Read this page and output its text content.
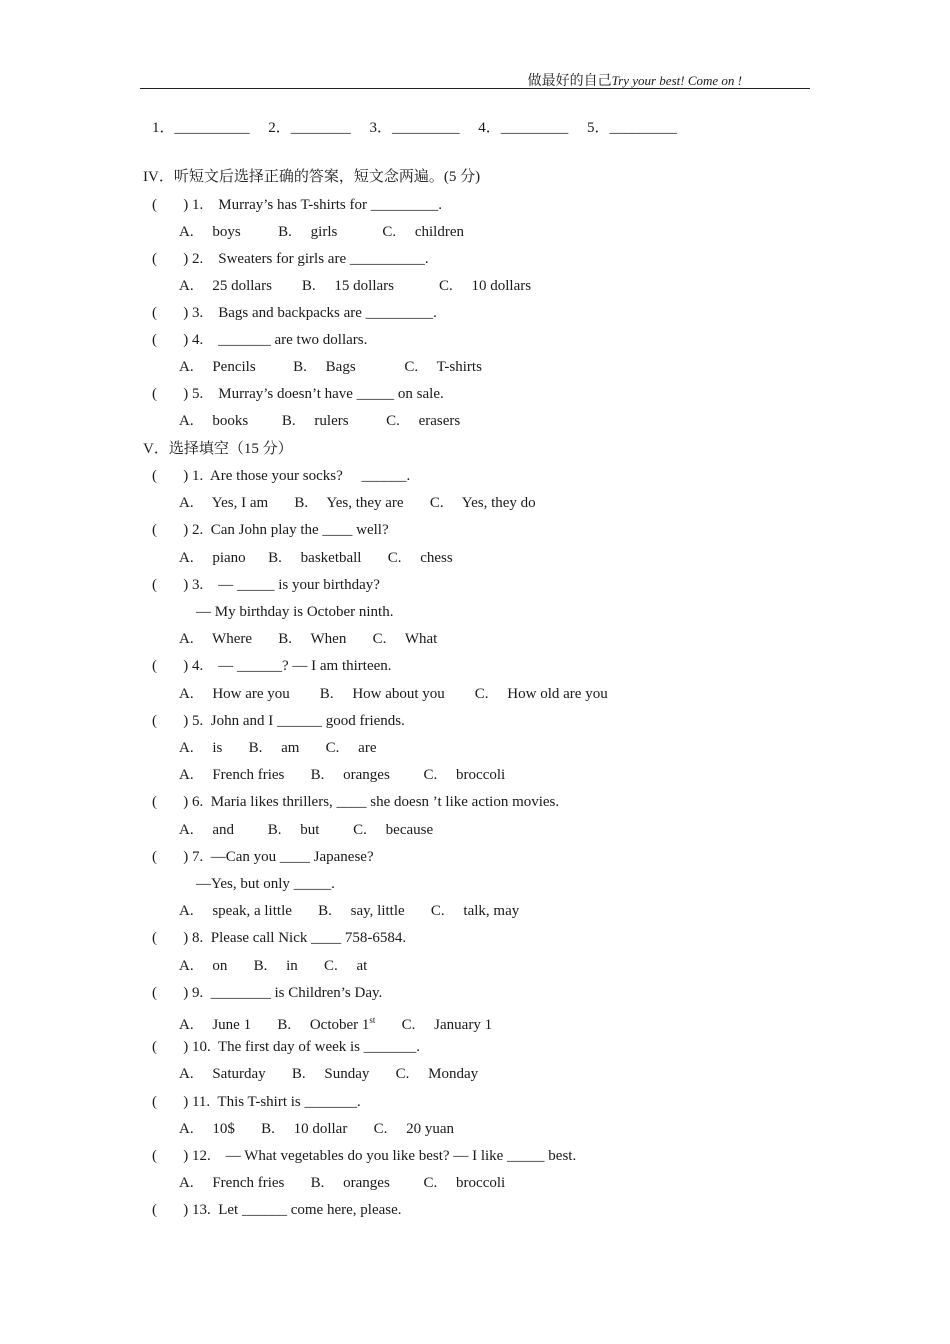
做最好的自己Try your best! Come on !
1．__________     2．________     3．_________     4．_________     5．_________
IV．听短文后选择正确的答案，短文念两遍。(5 分)
(       ) 1.    Murray’s has T-shirts for _________.
A.     boys          B.     girls            C.     children
(       ) 2.    Sweaters for girls are __________.
A.     25 dollars        B.     15 dollars            C.     10 dollars
(       ) 3.    Bags and backpacks are _________.
(       ) 4.    _______ are two dollars.
A.     Pencils          B.     Bags             C.     T-shirts
(       ) 5.    Murray’s doesn’t have _____ on sale.
A.     books         B.     rulers          C.     erasers
V．选择填空（15 分）
(       ) 1.  Are those your socks?     ______.
A.     Yes, I am       B.     Yes, they are       C.     Yes, they do
(       ) 2.  Can John play the ____ well?
A.     piano      B.     basketball       C.     chess
(       ) 3.    — _____ is your birthday?
— My birthday is October ninth.
A.     Where       B.     When       C.     What
(       ) 4.    — ______? — I am thirteen.
A.     How are you        B.     How about you        C.     How old are you
(       ) 5.  John and I ______ good friends.
A.     is       B.     am       C.     are
A.     French fries       B.     oranges         C.     broccoli
(       ) 6.  Maria likes thrillers, ____ she doesn ’t like action movies.
A.     and         B.     but         C.     because
(       ) 7.  —Can you ____ Japanese?
—Yes, but only _____.
A.     speak, a little       B.     say, little       C.     talk, may
(       ) 8.  Please call Nick ____ 758-6584.
A.     on       B.     in       C.     at
(       ) 9.  ________ is Children’s Day.
A.     June 1       B.     October 1st       C.     January 1
(       ) 10.  The first day of week is _______.
A.     Saturday       B.     Sunday       C.     Monday
(       ) 11.  This T-shirt is _______.
A.     10$       B.     10 dollar       C.     20 yuan
(       ) 12.    — What vegetables do you like best? — I like _____ best.
A.     French fries       B.     oranges         C.     broccoli
(       ) 13.  Let ______ come here, please.
